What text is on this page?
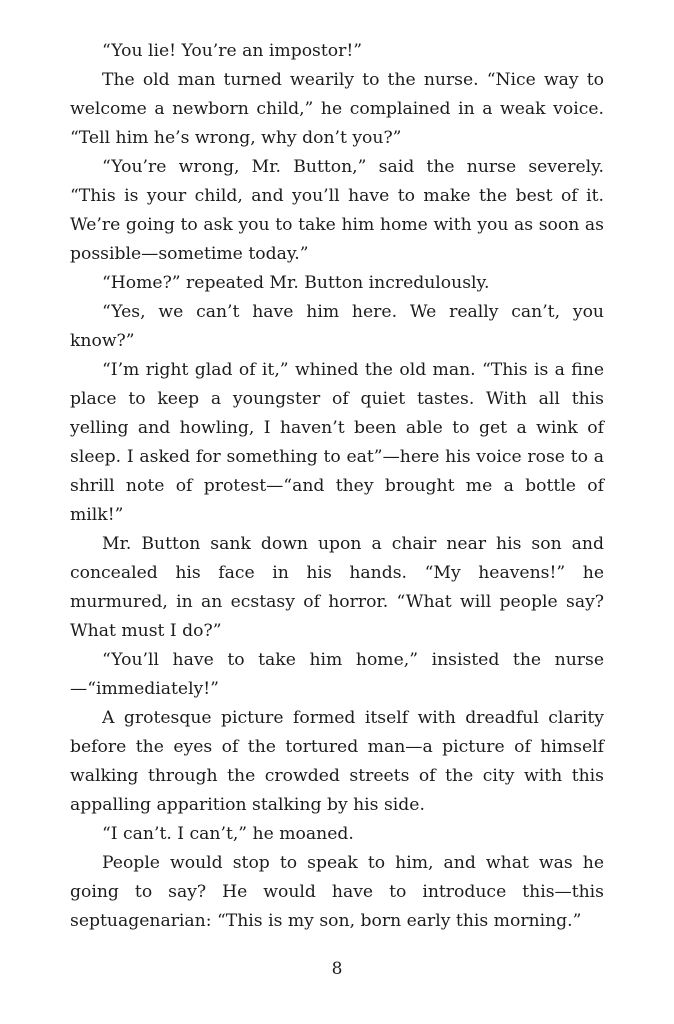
“You lie! You’re an impostor!”

The old man turned wearily to the nurse. “Nice way to welcome a newborn child,” he complained in a weak voice. “Tell him he’s wrong, why don’t you?”

“You’re wrong, Mr. Button,” said the nurse severely. “This is your child, and you’ll have to make the best of it. We’re going to ask you to take him home with you as soon as possible—sometime today.”

“Home?” repeated Mr. Button incredulously.

“Yes, we can’t have him here. We really can’t, you know?”

“I’m right glad of it,” whined the old man. “This is a fine place to keep a youngster of quiet tastes. With all this yelling and howling, I haven’t been able to get a wink of sleep. I asked for something to eat”—here his voice rose to a shrill note of protest—“and they brought me a bottle of milk!”

Mr. Button sank down upon a chair near his son and concealed his face in his hands. “My heavens!” he murmured, in an ecstasy of horror. “What will people say? What must I do?”

“You’ll have to take him home,” insisted the nurse—“immediately!”

A grotesque picture formed itself with dreadful clarity before the eyes of the tortured man—a picture of himself walking through the crowded streets of the city with this appalling apparition stalking by his side.

“I can’t. I can’t,” he moaned.

People would stop to speak to him, and what was he going to say? He would have to introduce this—this septuagenarian: “This is my son, born early this morning.”

8
